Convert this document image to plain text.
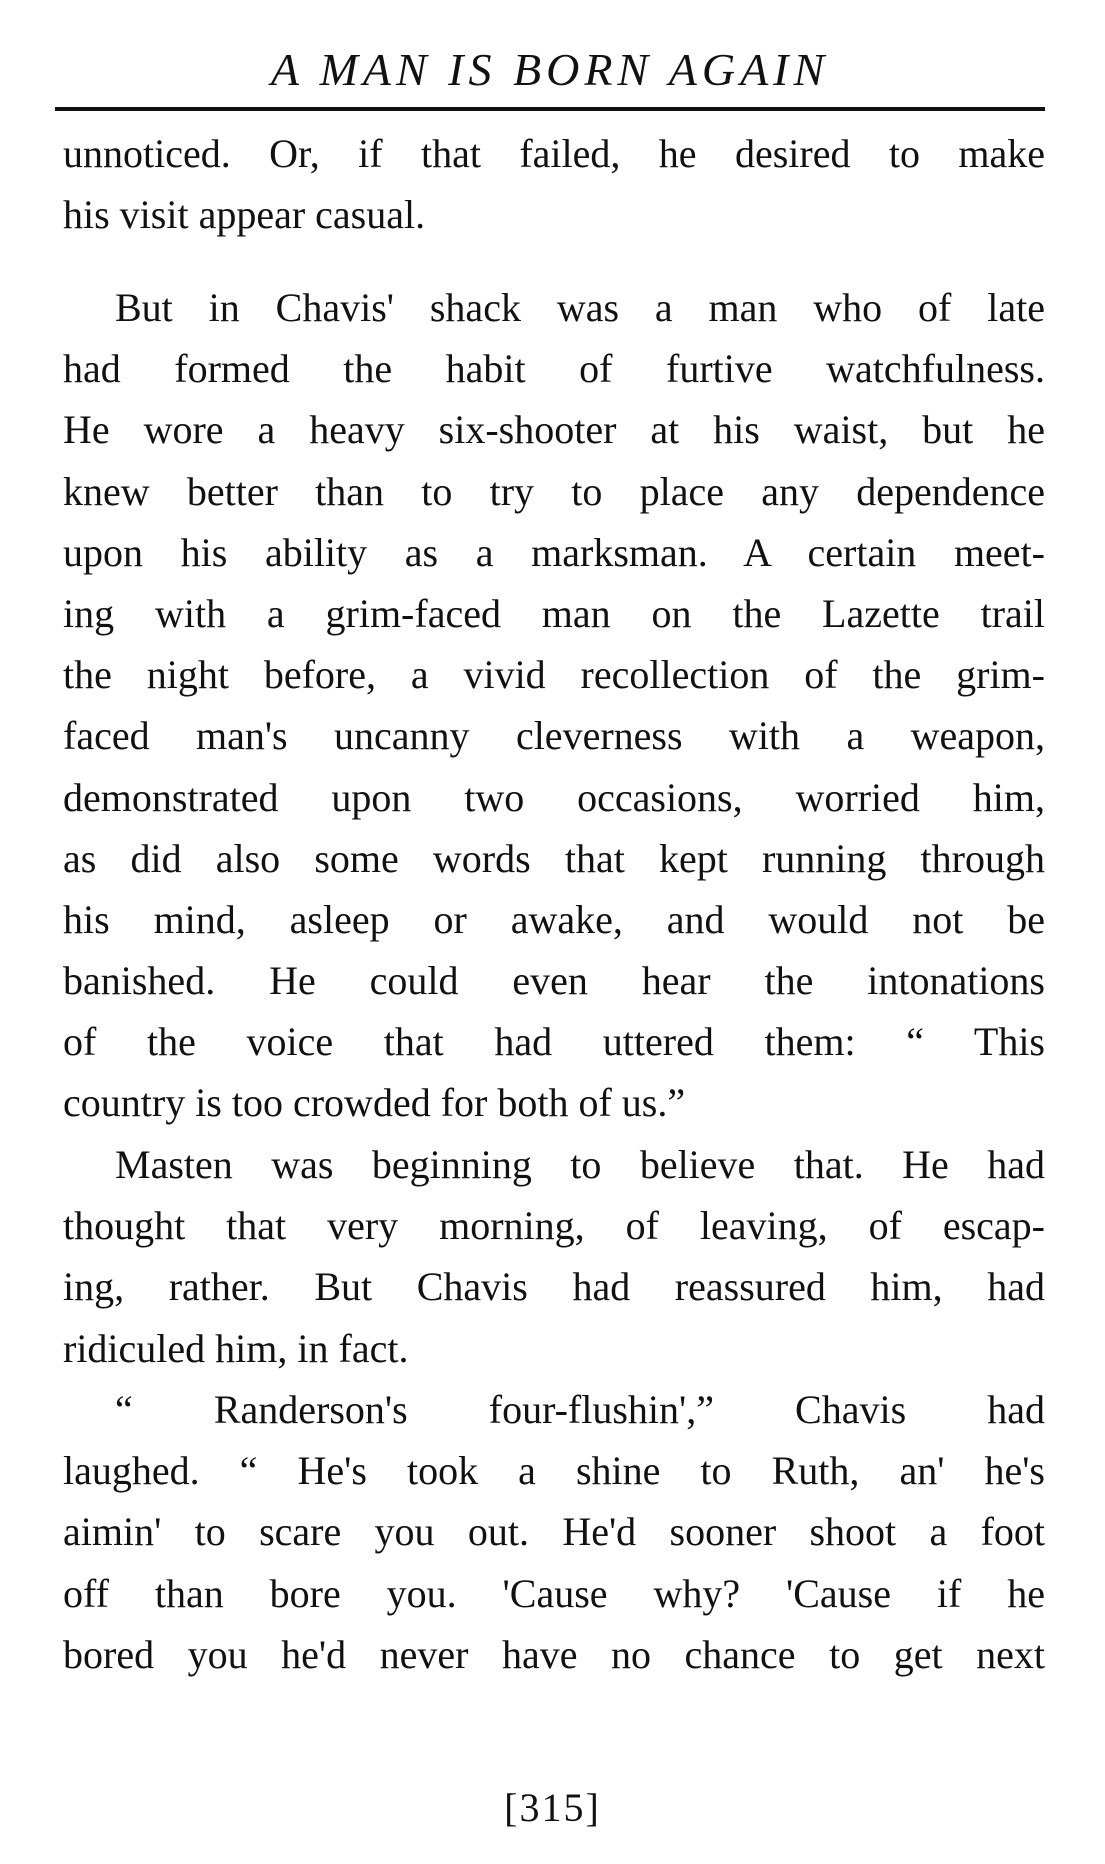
A MAN IS BORN AGAIN

unnoticed. Or, if that failed, he desired to make
his visit appear casual.

But in Chavis' shack was a man who of late
had formed the habit of furtive watchfulness.
He wore a heavy six-shooter at his waist, but he
knew better than to try to place any dependence
upon his ability as a marksman. A certain meet-
ing with a grim-faced man on the Lazette trail
the night before, a vivid recollection of the grim-
faced man's uncanny cleverness with a weapon,
demonstrated upon two occasions, worried him,
as did also some words that kept running through
his mind, asleep or awake, and would not be
banished. He could even hear the intonations
of the voice that had uttered them: “ This
country is too crowded for both of us.”

Masten was beginning to believe that. He had
thought that very morning, of leaving, of escap-
ing, rather. But Chavis had reassured him, had
ridiculed him, in fact.

“ Randerson's four-flushin',” Chavis had
laughed. “ He's took a shine to Ruth, an' he's
aimin' to scare you out. He'd sooner shoot a foot
off than bore you. 'Cause why? 'Cause if he
bored you he'd never have no chance to get next

[315]
